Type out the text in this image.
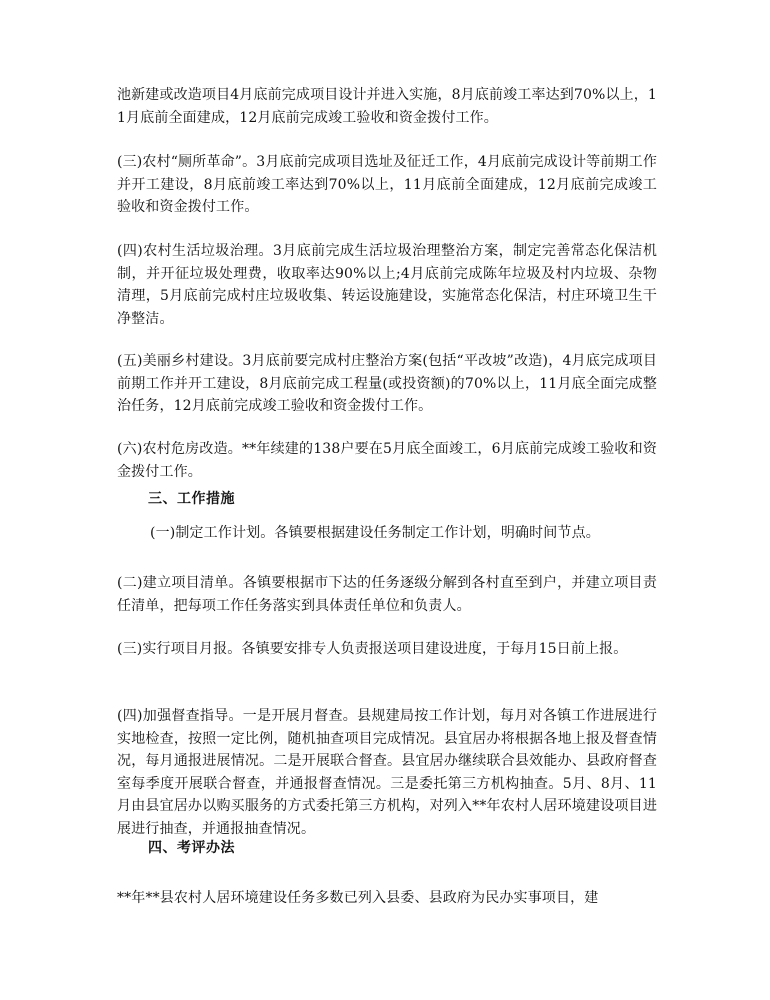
池新建或改造项目4月底前完成项目设计并进入实施，8月底前竣工率达到70%以上，11月底前全面建成，12月底前完成竣工验收和资金拨付工作。

(三)农村“厕所革命”。3月底前完成项目选址及征迁工作，4月底前完成设计等前期工作并开工建设，8月底前竣工率达到70%以上，11月底前全面建成，12月底前完成竣工验收和资金拨付工作。

(四)农村生活垃圾治理。3月底前完成生活垃圾治理整治方案，制定完善常态化保洁机制，并开征垃圾处理费，收取率达90%以上;4月底前完成陈年垃圾及村内垃圾、杂物清理，5月底前完成村庄垃圾收集、转运设施建设，实施常态化保洁，村庄环境卫生干净整洁。

(五)美丽乡村建设。3月底前要完成村庄整治方案(包括“平改坡”改造)，4月底完成项目前期工作并开工建设，8月底前完成工程量(或投资额)的70%以上，11月底全面完成整治任务，12月底前完成竣工验收和资金拨付工作。

(六)农村危房改造。**年续建的138户要在5月底全面竣工，6月底前完成竣工验收和资金拨付工作。

三、工作措施

(一)制定工作计划。各镇要根据建设任务制定工作计划，明确时间节点。

(二)建立项目清单。各镇要根据市下达的任务逐级分解到各村直至到户，并建立项目责任清单，把每项工作任务落实到具体责任单位和负责人。

(三)实行项目月报。各镇要安排专人负责报送项目建设进度，于每月15日前上报。

(四)加强督查指导。一是开展月督查。县规建局按工作计划，每月对各镇工作进展进行实地检查，按照一定比例，随机抽查项目完成情况。县宜居办将根据各地上报及督查情况，每月通报进展情况。二是开展联合督查。县宜居办继续联合县效能办、县政府督查室每季度开展联合督查，并通报督查情况。三是委托第三方机构抽查。5月、8月、11月由县宜居办以购买服务的方式委托第三方机构，对列入**年农村人居环境建设项目进展进行抽查，并通报抽查情况。

四、考评办法

**年**县农村人居环境建设任务多数已列入县委、县政府为民办实事项目，建
